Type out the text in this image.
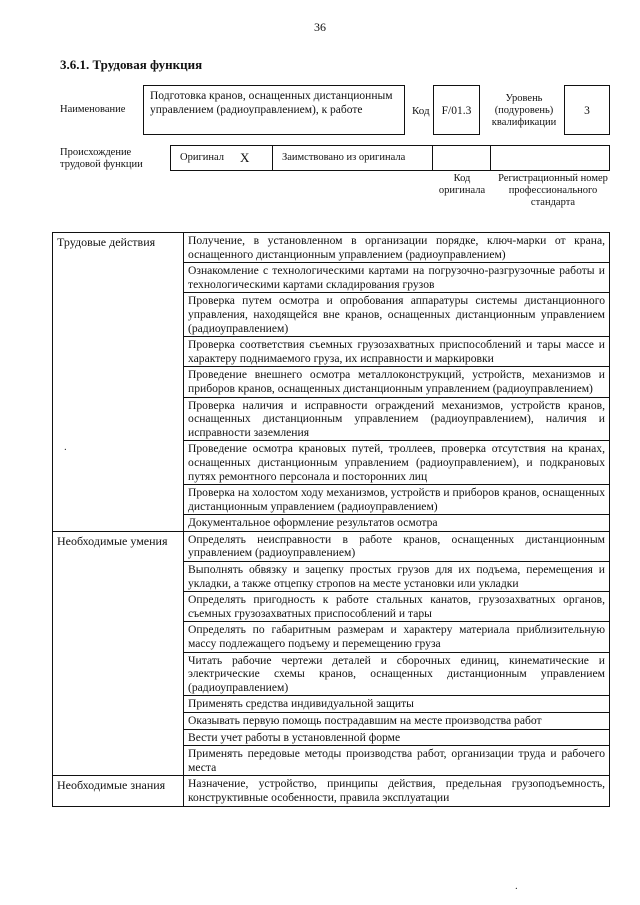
36
3.6.1. Трудовая функция
Наименование
Подготовка кранов, оснащенных дистанционным управлением (радиоуправлением), к работе	Код	F/01.3
Уровень (подуровень) квалификации
3
Происхождение трудовой функции
Оригинал X	Заимствовано из оригинала
Код оригинала
Регистрационный номер профессионального стандарта
Трудовые действия	Получение, в установленном в организации порядке, ключ-марки от крана, оснащенного дистанционным управлением (радиоуправлением)
	Ознакомление с технологическими картами на погрузочно-разгрузочные работы и технологическими картами складирования грузов
	Проверка путем осмотра и опробования аппаратуры системы дистанционного управления, находящейся вне кранов, оснащенных дистанционным управлением (радиоуправлением)
	Проверка соответствия съемных грузозахватных приспособлений и тары массе и характеру поднимаемого груза, их исправности и маркировки
	Проведение внешнего осмотра металлоконструкций, устройств, механизмов и приборов кранов, оснащенных дистанционным управлением (радиоуправлением)
	Проверка наличия и исправности ограждений механизмов, устройств кранов, оснащенных дистанционным управлением (радиоуправлением), наличия и исправности заземления
	Проведение осмотра крановых путей, троллеев, проверка отсутствия на кранах, оснащенных дистанционным управлением (радиоуправлением), и подкрановых путях ремонтного персонала и посторонних лиц
	Проверка на холостом ходу механизмов, устройств и приборов кранов, оснащенных дистанционным управлением (радиоуправлением)
	Документальное оформление результатов осмотра
Необходимые умения	Определять неисправности в работе кранов, оснащенных дистанционным управлением (радиоуправлением)
	Выполнять обвязку и зацепку простых грузов для их подъема, перемещения и укладки, а также отцепку стропов на месте установки или укладки
	Определять пригодность к работе стальных канатов, грузозахватных органов, съемных грузозахватных приспособлений и тары
	Определять по габаритным размерам и характеру материала приблизительную массу подлежащего подъему и перемещению груза
	Читать рабочие чертежи деталей и сборочных единиц, кинематические и электрические схемы кранов, оснащенных дистанционным управлением (радиоуправлением)
	Применять средства индивидуальной защиты
	Оказывать первую помощь пострадавшим на месте производства работ
	Вести учет работы в установленной форме
	Применять передовые методы производства работ, организации труда и рабочего места
Необходимые знания	Назначение, устройство, принципы действия, предельная грузоподъемность, конструктивные особенности, правила эксплуатации
.
.
